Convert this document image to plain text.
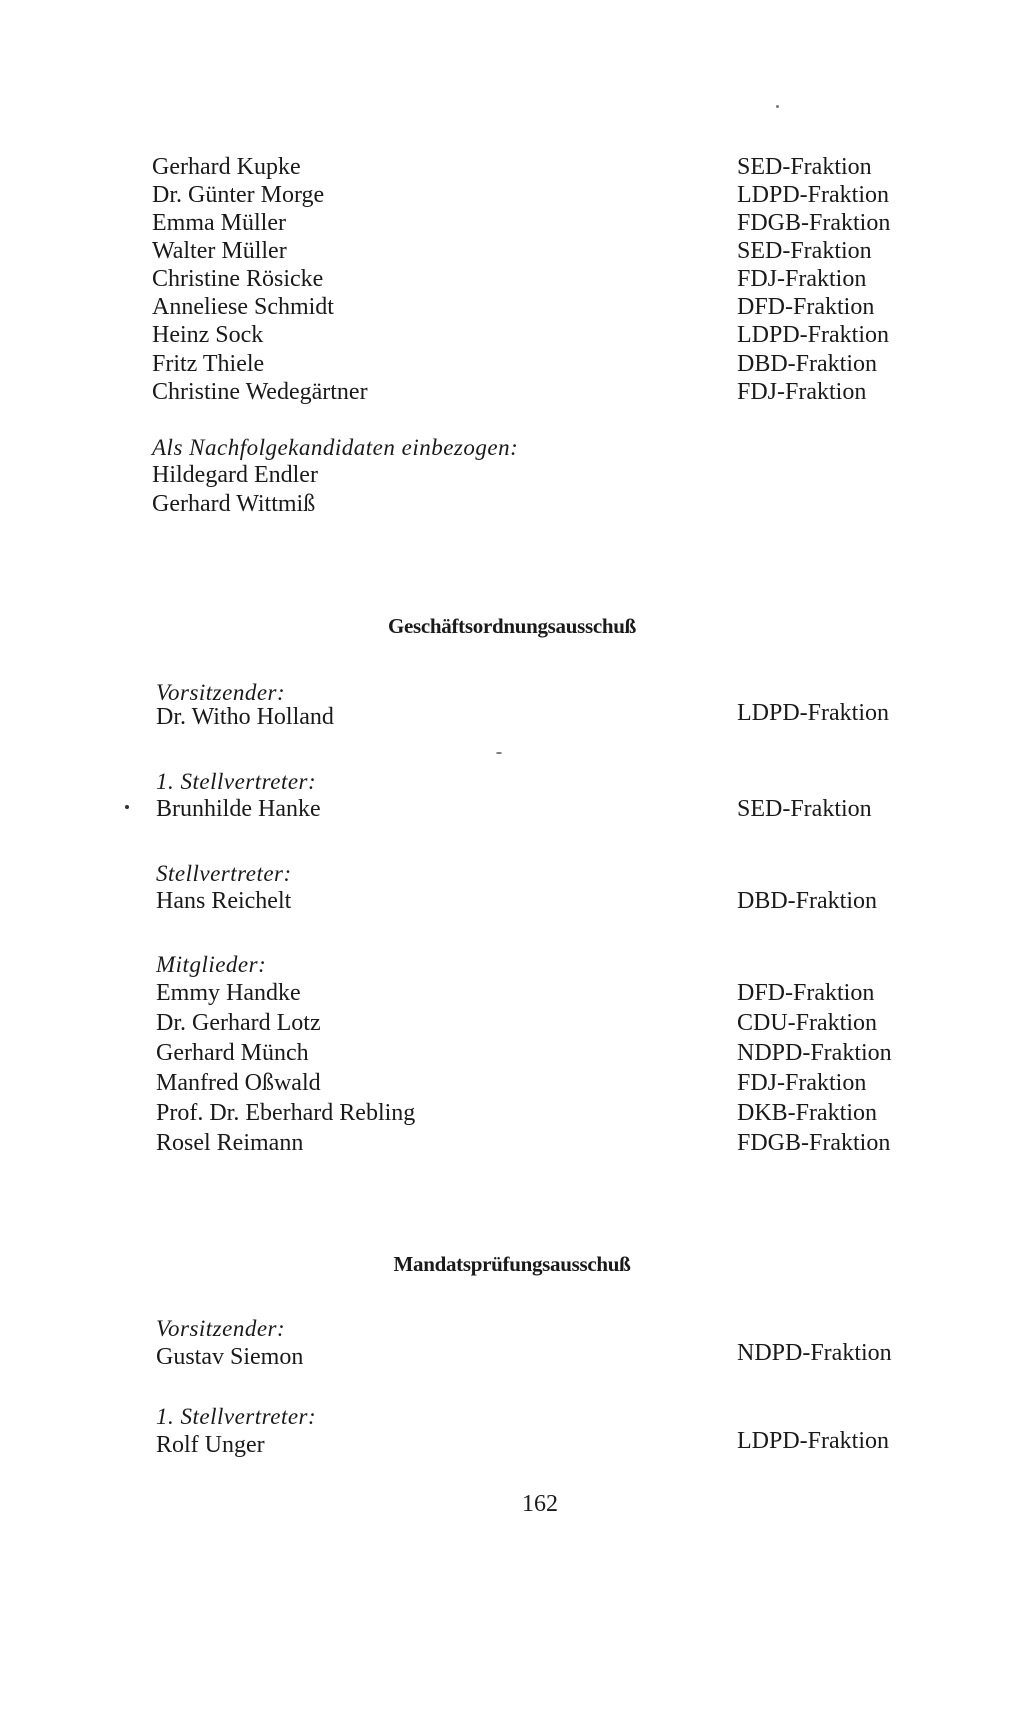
Gerhard Kupke	SED-Fraktion
Dr. Günter Morge	LDPD-Fraktion
Emma Müller	FDGB-Fraktion
Walter Müller	SED-Fraktion
Christine Rösicke	FDJ-Fraktion
Anneliese Schmidt	DFD-Fraktion
Heinz Sock	LDPD-Fraktion
Fritz Thiele	DBD-Fraktion
Christine Wedegärtner	FDJ-Fraktion
Als Nachfolgekandidaten einbezogen:
Hildegard Endler
Gerhard Wittmiß
Geschäftsordnungsausschuß
Vorsitzender:
Dr. Witho Holland	LDPD-Fraktion
1. Stellvertreter:
Brunhilde Hanke	SED-Fraktion
Stellvertreter:
Hans Reichelt	DBD-Fraktion
Mitglieder:
Emmy Handke	DFD-Fraktion
Dr. Gerhard Lotz	CDU-Fraktion
Gerhard Münch	NDPD-Fraktion
Manfred Oßwald	FDJ-Fraktion
Prof. Dr. Eberhard Rebling	DKB-Fraktion
Rosel Reimann	FDGB-Fraktion
Mandatsprüfungsausschuß
Vorsitzender:
Gustav Siemon	NDPD-Fraktion
1. Stellvertreter:
Rolf Unger	LDPD-Fraktion
162
